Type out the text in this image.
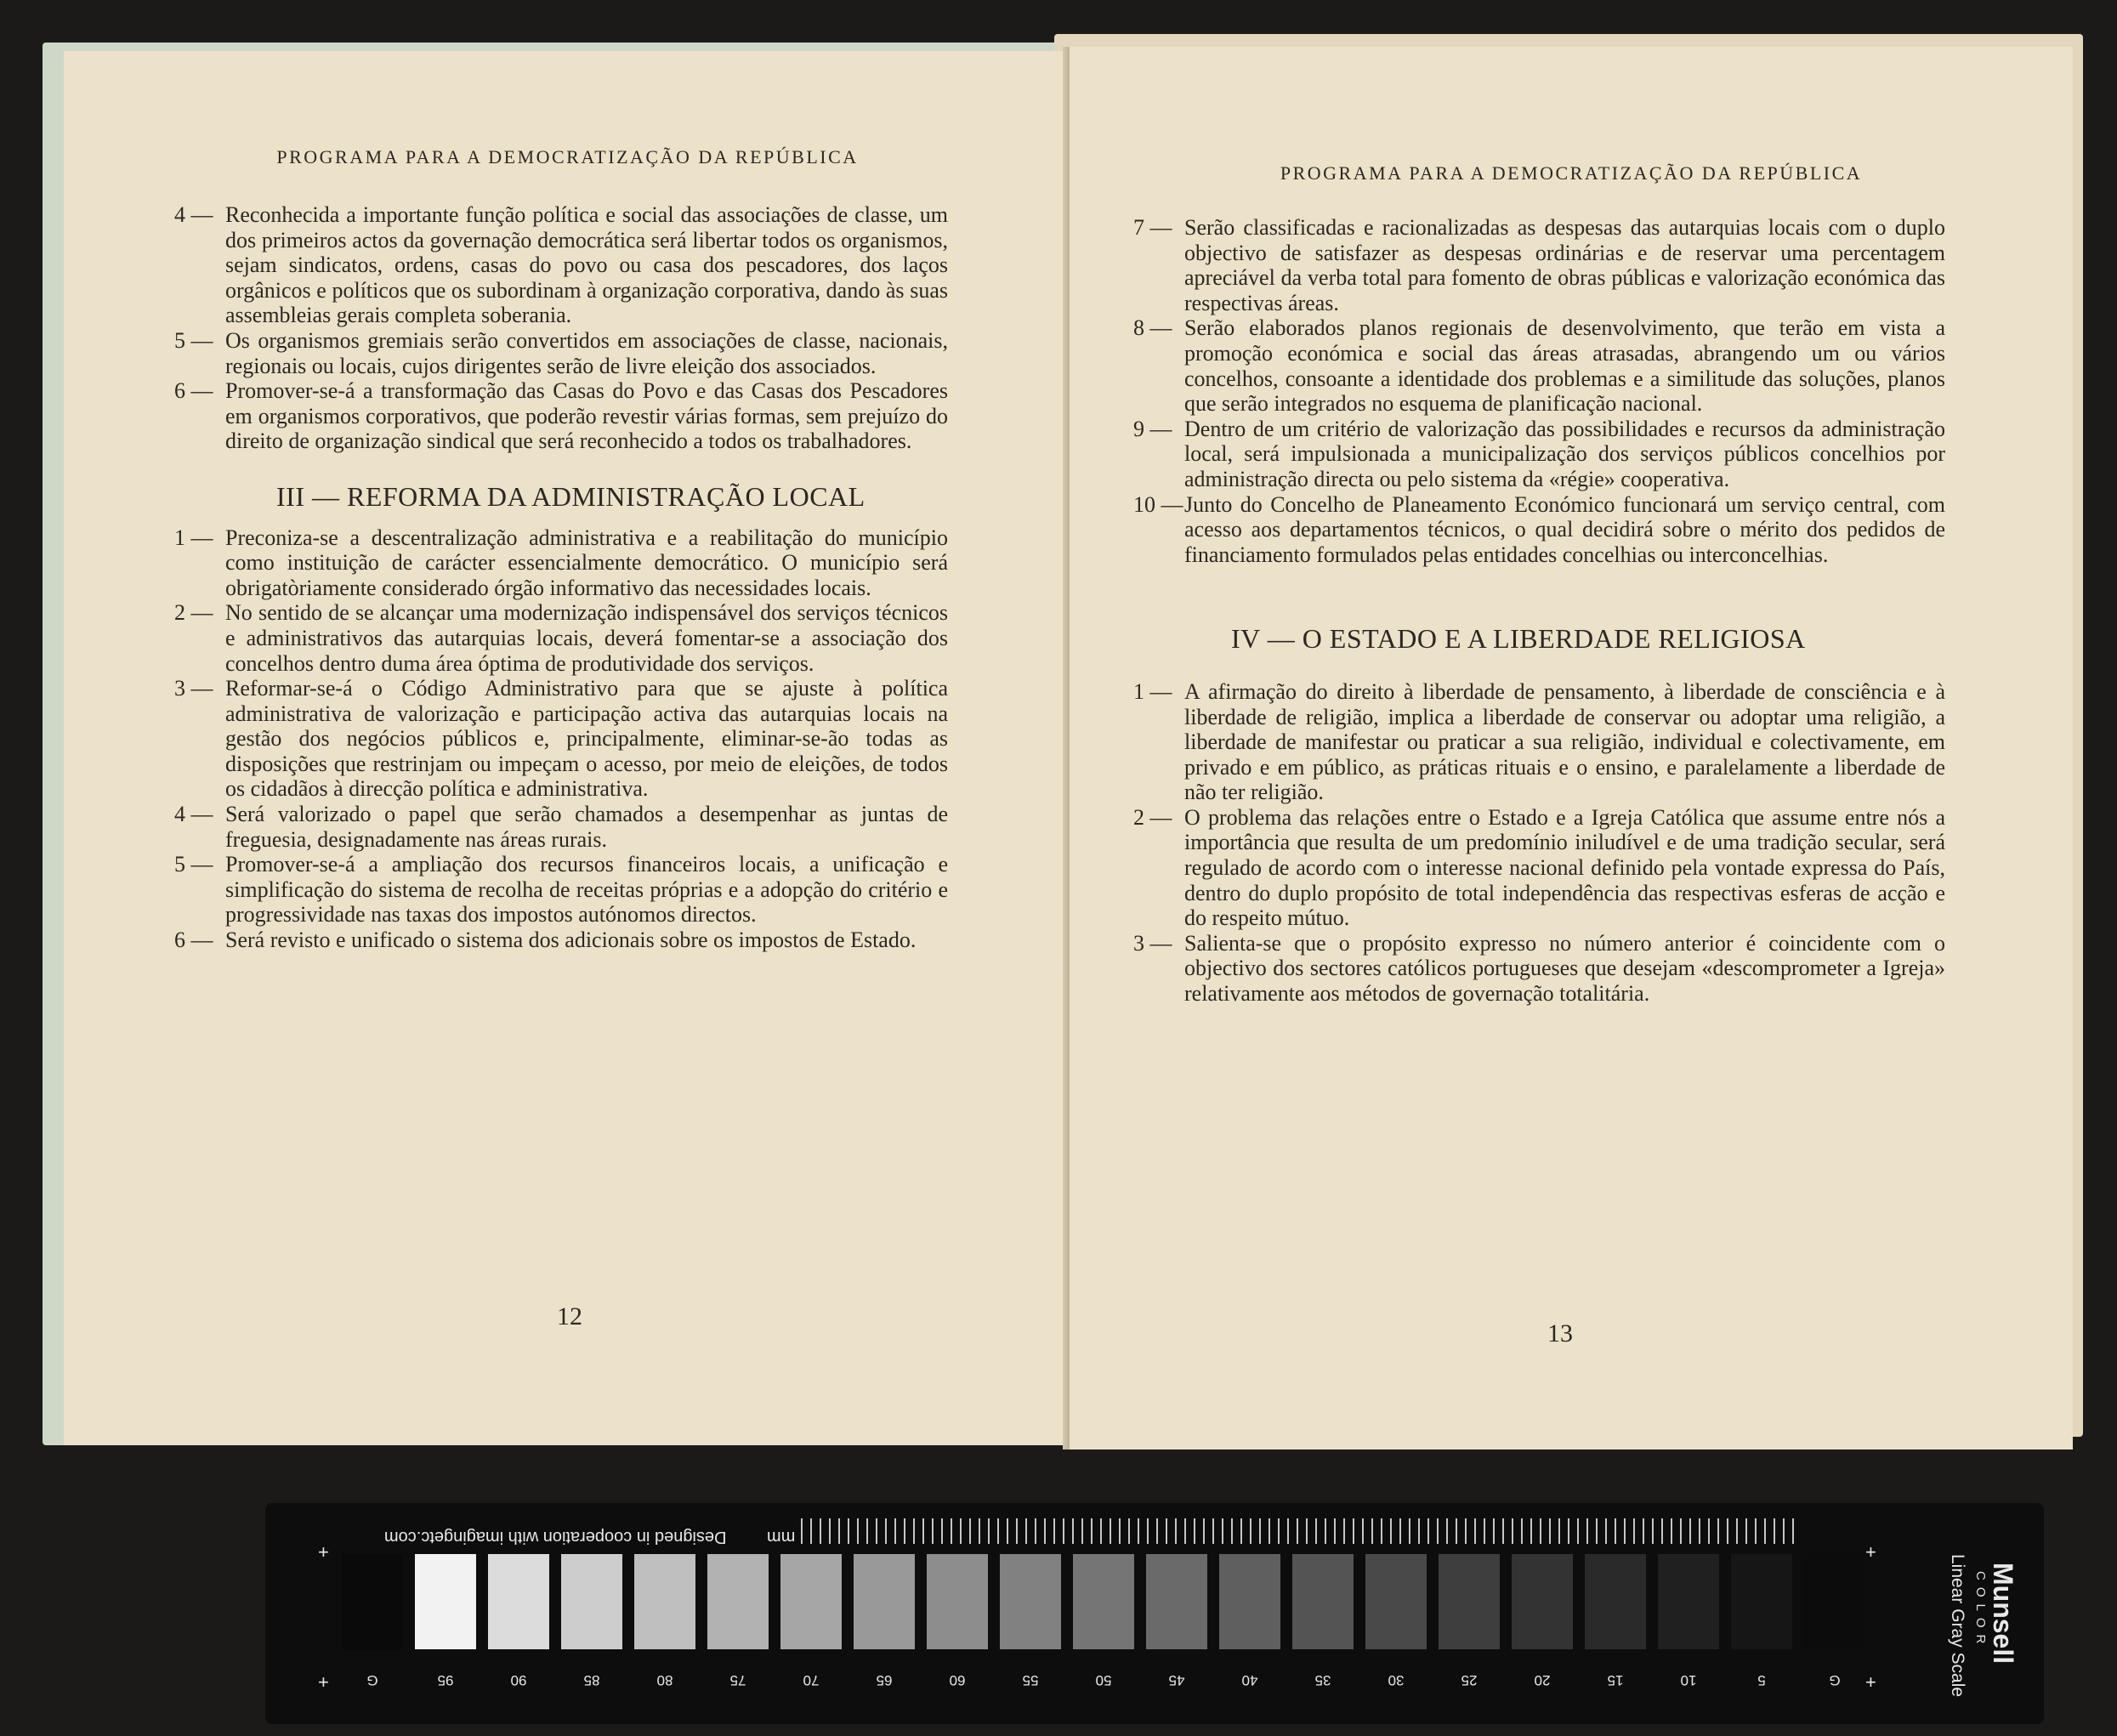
PROGRAMA PARA A DEMOCRATIZAÇÃO DA REPÚBLICA
4 — Reconhecida a importante função política e social das associações de classe, um dos primeiros actos da governação democrática será libertar todos os organismos, sejam sindicatos, ordens, casas do povo ou casa dos pescadores, dos laços orgânicos e políticos que os subordinam à organização corporativa, dando às suas assembleias gerais completa soberania.
5 — Os organismos gremiais serão convertidos em associações de classe, nacionais, regionais ou locais, cujos dirigentes serão de livre eleição dos associados.
6 — Promover-se-á a transformação das Casas do Povo e das Casas dos Pescadores em organismos corporativos, que poderão revestir várias formas, sem prejuízo do direito de organização sindical que será reconhecido a todos os trabalhadores.
III — REFORMA DA ADMINISTRAÇÃO LOCAL
1 — Preconiza-se a descentralização administrativa e a reabilitação do município como instituição de carácter essencialmente democrático. O município será obrigatòriamente considerado órgão informativo das necessidades locais.
2 — No sentido de se alcançar uma modernização indispensável dos serviços técnicos e administrativos das autarquias locais, deverá fomentar-se a associação dos concelhos dentro duma área óptima de produtividade dos serviços.
3 — Reformar-se-á o Código Administrativo para que se ajuste à política administrativa de valorização e participação activa das autarquias locais na gestão dos negócios públicos e, principalmente, eliminar-se-ão todas as disposições que restrinjam ou impeçam o acesso, por meio de eleições, de todos os cidadãos à direcção política e administrativa.
4 — Será valorizado o papel que serão chamados a desempenhar as juntas de freguesia, designadamente nas áreas rurais.
5 — Promover-se-á a ampliação dos recursos financeiros locais, a unificação e simplificação do sistema de recolha de receitas próprias e a adopção do critério e progressividade nas taxas dos impostos autónomos directos.
6 — Será revisto e unificado o sistema dos adicionais sobre os impostos de Estado.
12
PROGRAMA PARA A DEMOCRATIZAÇÃO DA REPÚBLICA
7 — Serão classificadas e racionalizadas as despesas das autarquias locais com o duplo objectivo de satisfazer as despesas ordinárias e de reservar uma percentagem apreciável da verba total para fomento de obras públicas e valorização económica das respectivas áreas.
8 — Serão elaborados planos regionais de desenvolvimento, que terão em vista a promoção económica e social das áreas atrasadas, abrangendo um ou vários concelhos, consoante a identidade dos problemas e a similitude das soluções, planos que serão integrados no esquema de planificação nacional.
9 — Dentro de um critério de valorização das possibilidades e recursos da administração local, será impulsionada a municipalização dos serviços públicos concelhios por administração directa ou pelo sistema da «régie» cooperativa.
10 — Junto do Concelho de Planeamento Económico funcionará um serviço central, com acesso aos departamentos técnicos, o qual decidirá sobre o mérito dos pedidos de financiamento formulados pelas entidades concelhias ou interconcelhias.
IV — O ESTADO E A LIBERDADE RELIGIOSA
1 — A afirmação do direito à liberdade de pensamento, à liberdade de consciência e à liberdade de religião, implica a liberdade de conservar ou adoptar uma religião, a liberdade de manifestar ou praticar a sua religião, individual e colectivamente, em privado e em público, as práticas rituais e o ensino, e paralelamente a liberdade de não ter religião.
2 — O problema das relações entre o Estado e a Igreja Católica que assume entre nós a importância que resulta de um predomínio iniludível e de uma tradição secular, será regulado de acordo com o interesse nacional definido pela vontade expressa do País, dentro do duplo propósito de total independência das respectivas esferas de acção e do respeito mútuo.
3 — Salienta-se que o propósito expresso no número anterior é coincidente com o objectivo dos sectores católicos portugueses que desejam «descomprometer a Igreja» relativamente aos métodos de governação totalitária.
13
Designed in cooperation with imagingetc.com mm
+
+
+
+
G	95	90	85	80	75	70	65	60	55	50	45	40	35	30	25	20	15	10	5	G
Munsell
COLOR
Linear Gray Scale
